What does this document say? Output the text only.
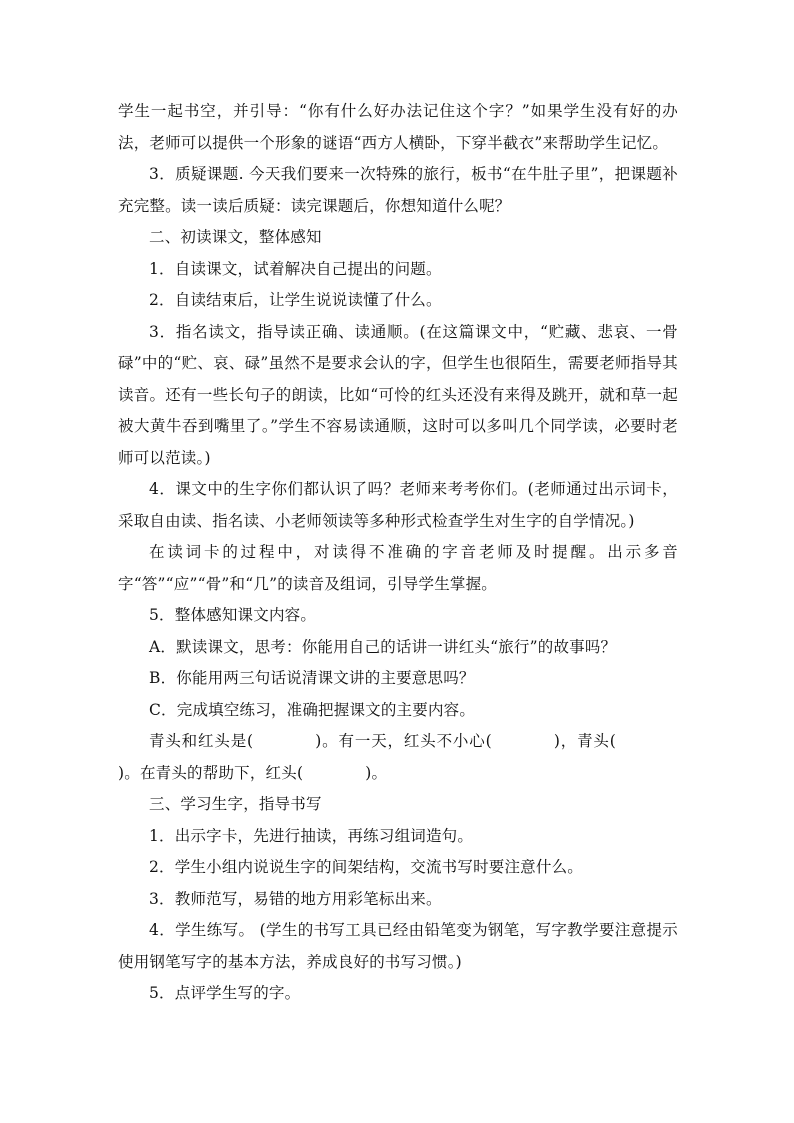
学生一起书空，并引导：“你有什么好办法记住这个字？”如果学生没有好的办法，老师可以提供一个形象的谜语“西方人横卧，下穿半截衣”来帮助学生记忆。

3．质疑课题. 今天我们要来一次特殊的旅行，板书“在牛肚子里”，把课题补充完整。读一读后质疑：读完课题后，你想知道什么呢？

二、初读课文，整体感知

1．自读课文，试着解决自己提出的问题。

2．自读结束后，让学生说说读懂了什么。

3．指名读文，指导读正确、读通顺。(在这篇课文中，“贮藏、悲哀、一骨碌”中的“贮、哀、碌”虽然不是要求会认的字，但学生也很陌生，需要老师指导其读音。还有一些长句子的朗读，比如“可怜的红头还没有来得及跳开，就和草一起被大黄牛吞到嘴里了。”学生不容易读通顺，这时可以多叫几个同学读，必要时老师可以范读。)

4．课文中的生字你们都认识了吗？老师来考考你们。(老师通过出示词卡，采取自由读、指名读、小老师领读等多种形式检查学生对生字的自学情况。)

在读词卡的过程中，对读得不准确的字音老师及时提醒。出示多音字“答”“应”“骨”和“几”的读音及组词，引导学生掌握。

5．整体感知课文内容。

A．默读课文，思考：你能用自己的话讲一讲红头“旅行”的故事吗？

B．你能用两三句话说清课文讲的主要意思吗？

C．完成填空练习，准确把握课文的主要内容。

青头和红头是(	)。有一天，红头不小心(	)，青头()。在青头的帮助下，红头(	)。

三、学习生字，指导书写

1．出示字卡，先进行抽读，再练习组词造句。

2．学生小组内说说生字的间架结构，交流书写时要注意什么。

3．教师范写，易错的地方用彩笔标出来。

4．学生练写。 (学生的书写工具已经由铅笔变为钢笔，写字教学要注意提示使用钢笔写字的基本方法，养成良好的书写习惯。)

5．点评学生写的字。
